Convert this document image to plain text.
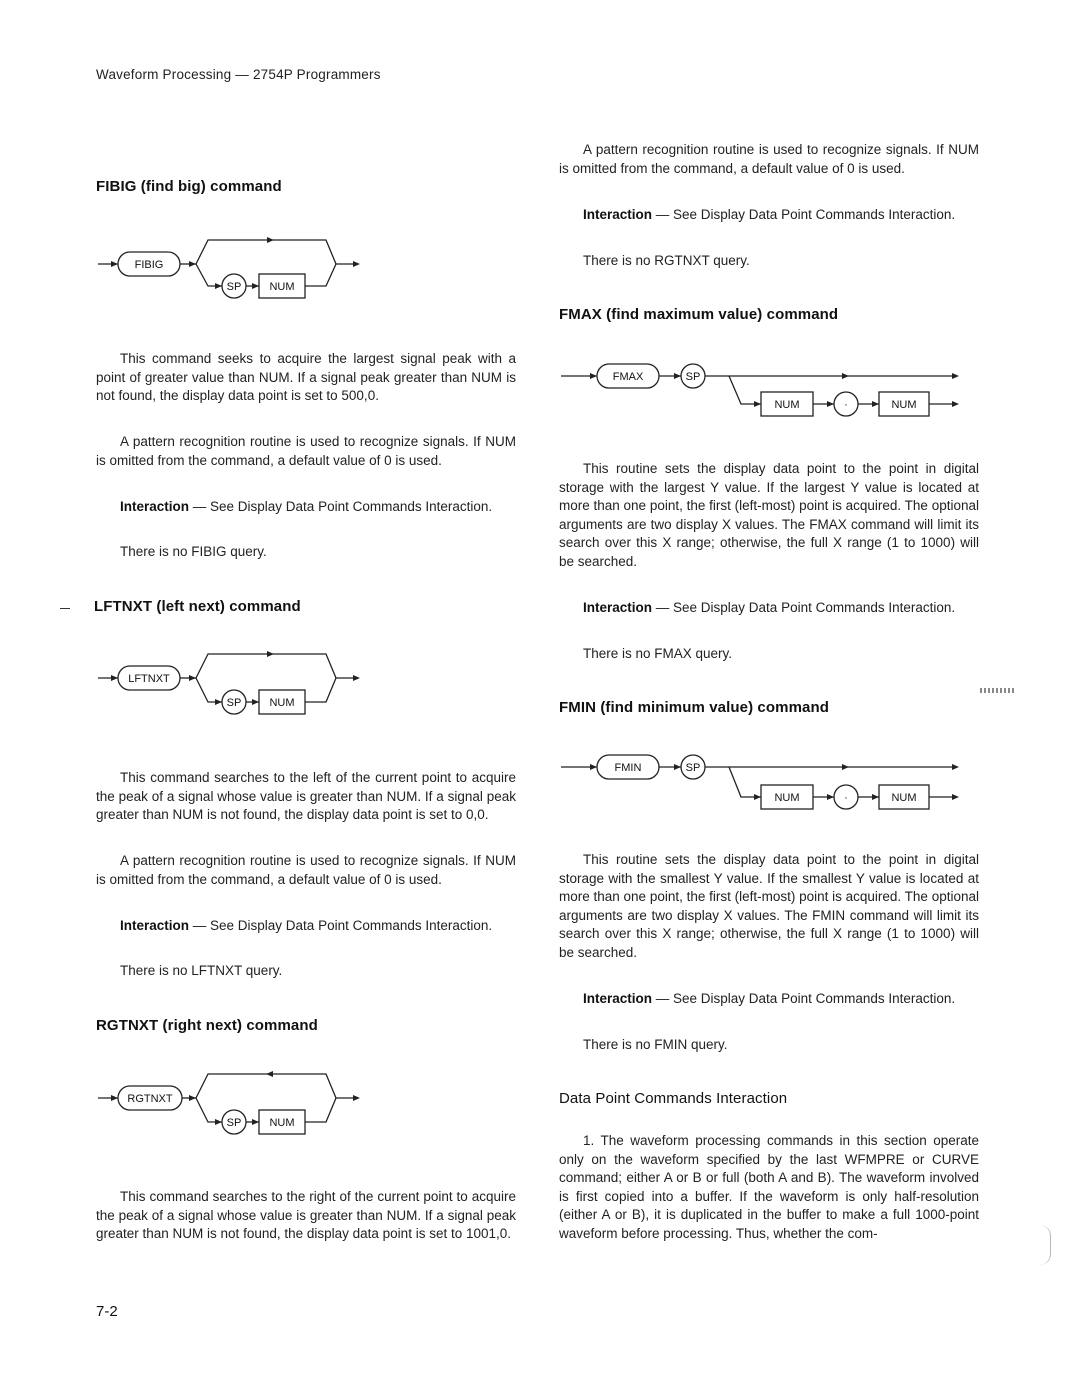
Waveform Processing — 2754P Programmers
FIBIG (find big) command
FIBIG
SP	NUM
This command seeks to acquire the largest signal peak with a point of greater value than NUM. If a signal peak greater than NUM is not found, the display data point is set to 500,0.
A pattern recognition routine is used to recognize signals. If NUM is omitted from the command, a default value of 0 is used.
Interaction — See Display Data Point Commands Interaction.
There is no FIBIG query.
LFTNXT (left next) command
LFTNXT
SP	NUM
This command searches to the left of the current point to acquire the peak of a signal whose value is greater than NUM. If a signal peak greater than NUM is not found, the display data point is set to 0,0.
A pattern recognition routine is used to recognize signals. If NUM is omitted from the command, a default value of 0 is used.
Interaction — See Display Data Point Commands Interaction.
There is no LFTNXT query.
RGTNXT (right next) command
RGTNXT
SP	NUM
This command searches to the right of the current point to acquire the peak of a signal whose value is greater than NUM. If a signal peak greater than NUM is not found, the display data point is set to 1001,0.
A pattern recognition routine is used to recognize signals. If NUM is omitted from the command, a default value of 0 is used.
Interaction — See Display Data Point Commands Interaction.
There is no RGTNXT query.
FMAX (find maximum value) command
FMAX	SP
NUM	·	NUM
This routine sets the display data point to the point in digital storage with the largest Y value. If the largest Y value is located at more than one point, the first (left-most) point is acquired. The optional arguments are two display X values. The FMAX command will limit its search over this X range; otherwise, the full X range (1 to 1000) will be searched.
Interaction — See Display Data Point Commands Interaction.
There is no FMAX query.
FMIN (find minimum value) command
FMIN	SP
NUM	·	NUM
This routine sets the display data point to the point in digital storage with the smallest Y value. If the smallest Y value is located at more than one point, the first (left-most) point is acquired. The optional arguments are two display X values. The FMIN command will limit its search over this X range; otherwise, the full X range (1 to 1000) will be searched.
Interaction — See Display Data Point Commands Interaction.
There is no FMIN query.
Data Point Commands Interaction
1. The waveform processing commands in this section operate only on the waveform specified by the last WFMPRE or CURVE command; either A or B or full (both A and B). The waveform involved is first copied into a buffer. If the waveform is only half-resolution (either A or B), it is duplicated in the buffer to make a full 1000-point waveform before processing. Thus, whether the com-
7-2
